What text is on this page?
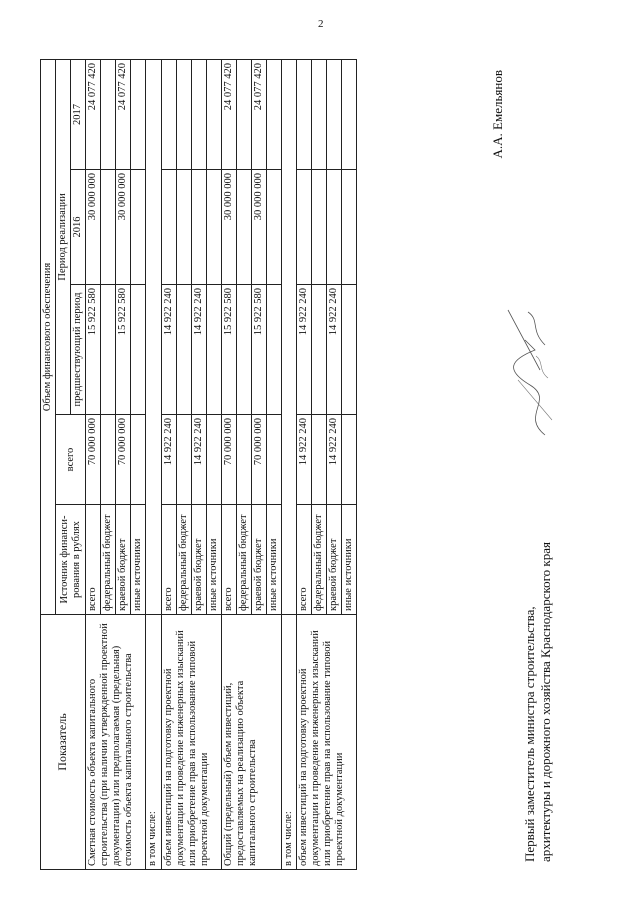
2
Показатель	Объем финансового обеспечения				
	Источник финанси-рования в рублях	всего	Период реализации		
			предшествующий период	2016	2017
Сметная стоимость объекта капитального строительства (при наличии утвержденной проектной документации) или предполагаемая (предельная) стоимость объекта капитального строительства	всего	70 000 000	15 922 580	30 000 000	24 077 420
	федеральный бюджет				
	краевой бюджет	70 000 000	15 922 580	30 000 000	24 077 420
	иные источники				
в том числе:					
объем инвестиций на подготовку проектной документации и проведение инженерных изысканий или приобретение прав на использование типовой проектной документации	всего	14 922 240	14 922 240		
	федеральный бюджет				
	краевой бюджет	14 922 240	14 922 240		
	иные источники				
Общий (предельный) объем инвестиций, предоставляемых на реализацию объекта капитального строительства	всего	70 000 000	15 922 580	30 000 000	24 077 420
	федеральный бюджет				
	краевой бюджет	70 000 000	15 922 580	30 000 000	24 077 420
	иные источники				
в том числе:					
объем инвестиций на подготовку проектной документации и проведение инженерных изысканий или приобретение прав на использование типовой проектной документации	всего	14 922 240	14 922 240		
	федеральный бюджет				
	краевой бюджет	14 922 240	14 922 240		
	иные источники				
Первый заместитель министра строительства, архитектуры и дорожного хозяйства Краснодарского края
А.А. Емельянов
